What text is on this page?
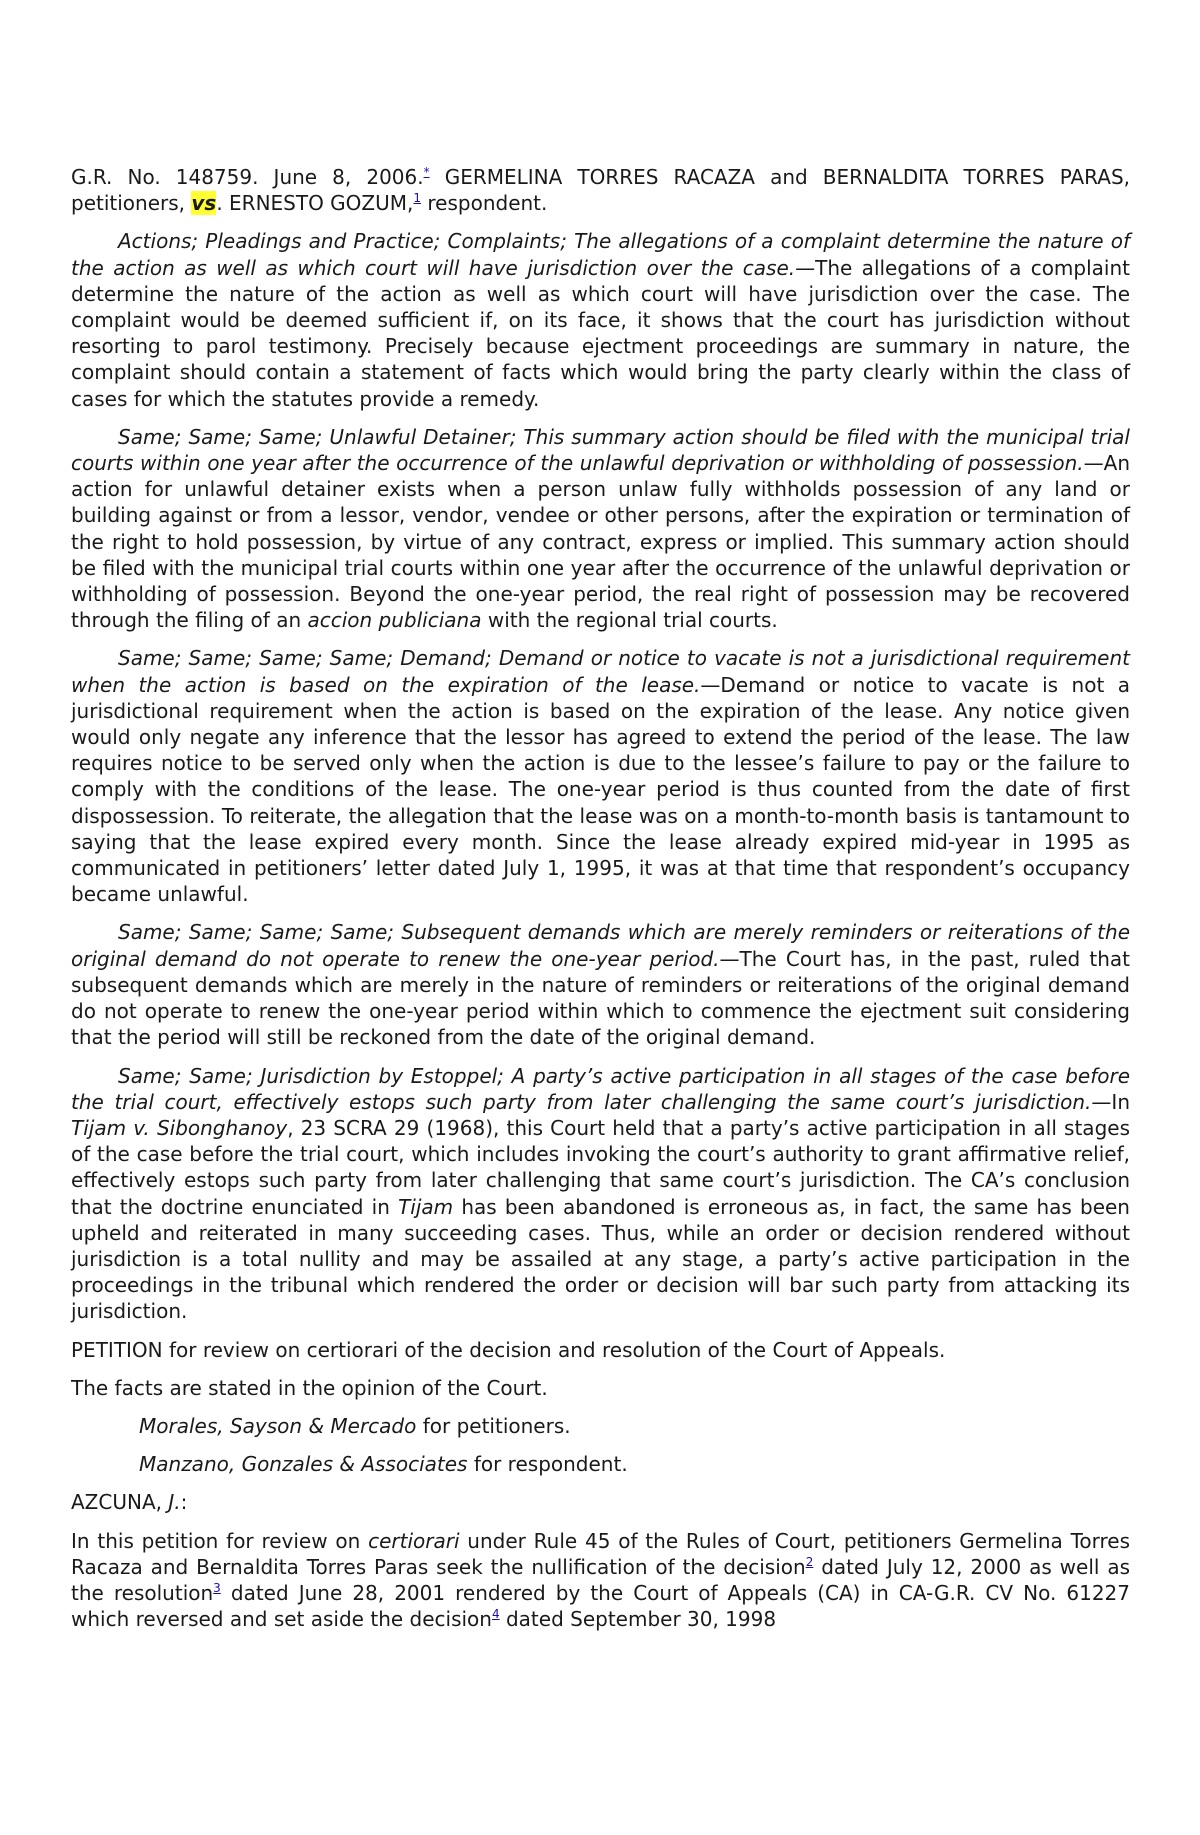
G.R. No. 148759. June 8, 2006.* GERMELINA TORRES RACAZA and BERNALDITA TORRES PARAS, petitioners, vs. ERNESTO GOZUM,$^1$ respondent.

Actions; Pleadings and Practice; Complaints; The allegations of a complaint determine the nature of the action as well as which court will have jurisdiction over the case.—The allegations of a complaint determine the nature of the action as well as which court will have jurisdiction over the case. The complaint would be deemed sufficient if, on its face, it shows that the court has jurisdiction without resorting to parol testimony. Precisely because ejectment proceedings are summary in nature, the complaint should contain a statement of facts which would bring the party clearly within the class of cases for which the statutes provide a remedy.

Same; Same; Same; Unlawful Detainer; This summary action should be filed with the municipal trial courts within one year after the occurrence of the unlawful deprivation or withholding of possession.—An action for unlawful detainer exists when a person unlaw fully withholds possession of any land or building against or from a lessor, vendor, vendee or other persons, after the expiration or termination of the right to hold possession, by virtue of any contract, express or implied. This summary action should be filed with the municipal trial courts within one year after the occurrence of the unlawful deprivation or withholding of possession. Beyond the one-year period, the real right of possession may be recovered through the filing of an accion publiciana with the regional trial courts.

Same; Same; Same; Same; Demand; Demand or notice to vacate is not a jurisdictional requirement when the action is based on the expiration of the lease.—Demand or notice to vacate is not a jurisdictional requirement when the action is based on the expiration of the lease. Any notice given would only negate any inference that the lessor has agreed to extend the period of the lease. The law requires notice to be served only when the action is due to the lessee’s failure to pay or the failure to comply with the conditions of the lease. The one-year period is thus counted from the date of first dispossession. To reiterate, the allegation that the lease was on a month-to-month basis is tantamount to saying that the lease expired every month. Since the lease already expired mid-year in 1995 as communicated in petitioners’ letter dated July 1, 1995, it was at that time that respondent’s occupancy became unlawful.

Same; Same; Same; Same; Subsequent demands which are merely reminders or reiterations of the original demand do not operate to renew the one-year period.—The Court has, in the past, ruled that subsequent demands which are merely in the nature of reminders or reiterations of the original demand do not operate to renew the one-year period within which to commence the ejectment suit considering that the period will still be reckoned from the date of the original demand.

Same; Same; Jurisdiction by Estoppel; A party’s active participation in all stages of the case before the trial court, effectively estops such party from later challenging the same court’s jurisdiction.—In Tijam v. Sibonghanoy, 23 SCRA 29 (1968), this Court held that a party’s active participation in all stages of the case before the trial court, which includes invoking the court’s authority to grant affirmative relief, effectively estops such party from later challenging that same court’s jurisdiction. The CA’s conclusion that the doctrine enunciated in Tijam has been abandoned is erroneous as, in fact, the same has been upheld and reiterated in many succeeding cases. Thus, while an order or decision rendered without jurisdiction is a total nullity and may be assailed at any stage, a party’s active participation in the proceedings in the tribunal which rendered the order or decision will bar such party from attacking its jurisdiction.

PETITION for review on certiorari of the decision and resolution of the Court of Appeals.

The facts are stated in the opinion of the Court.

Morales, Sayson & Mercado for petitioners.

Manzano, Gonzales & Associates for respondent.

AZCUNA, J.:

In this petition for review on certiorari under Rule 45 of the Rules of Court, petitioners Germelina Torres Racaza and Bernaldita Torres Paras seek the nullification of the decision$^2$ dated July 12, 2000 as well as the resolution$^3$ dated June 28, 2001 rendered by the Court of Appeals (CA) in CA-G.R. CV No. 61227 which reversed and set aside the decision$^4$ dated September 30, 1998
